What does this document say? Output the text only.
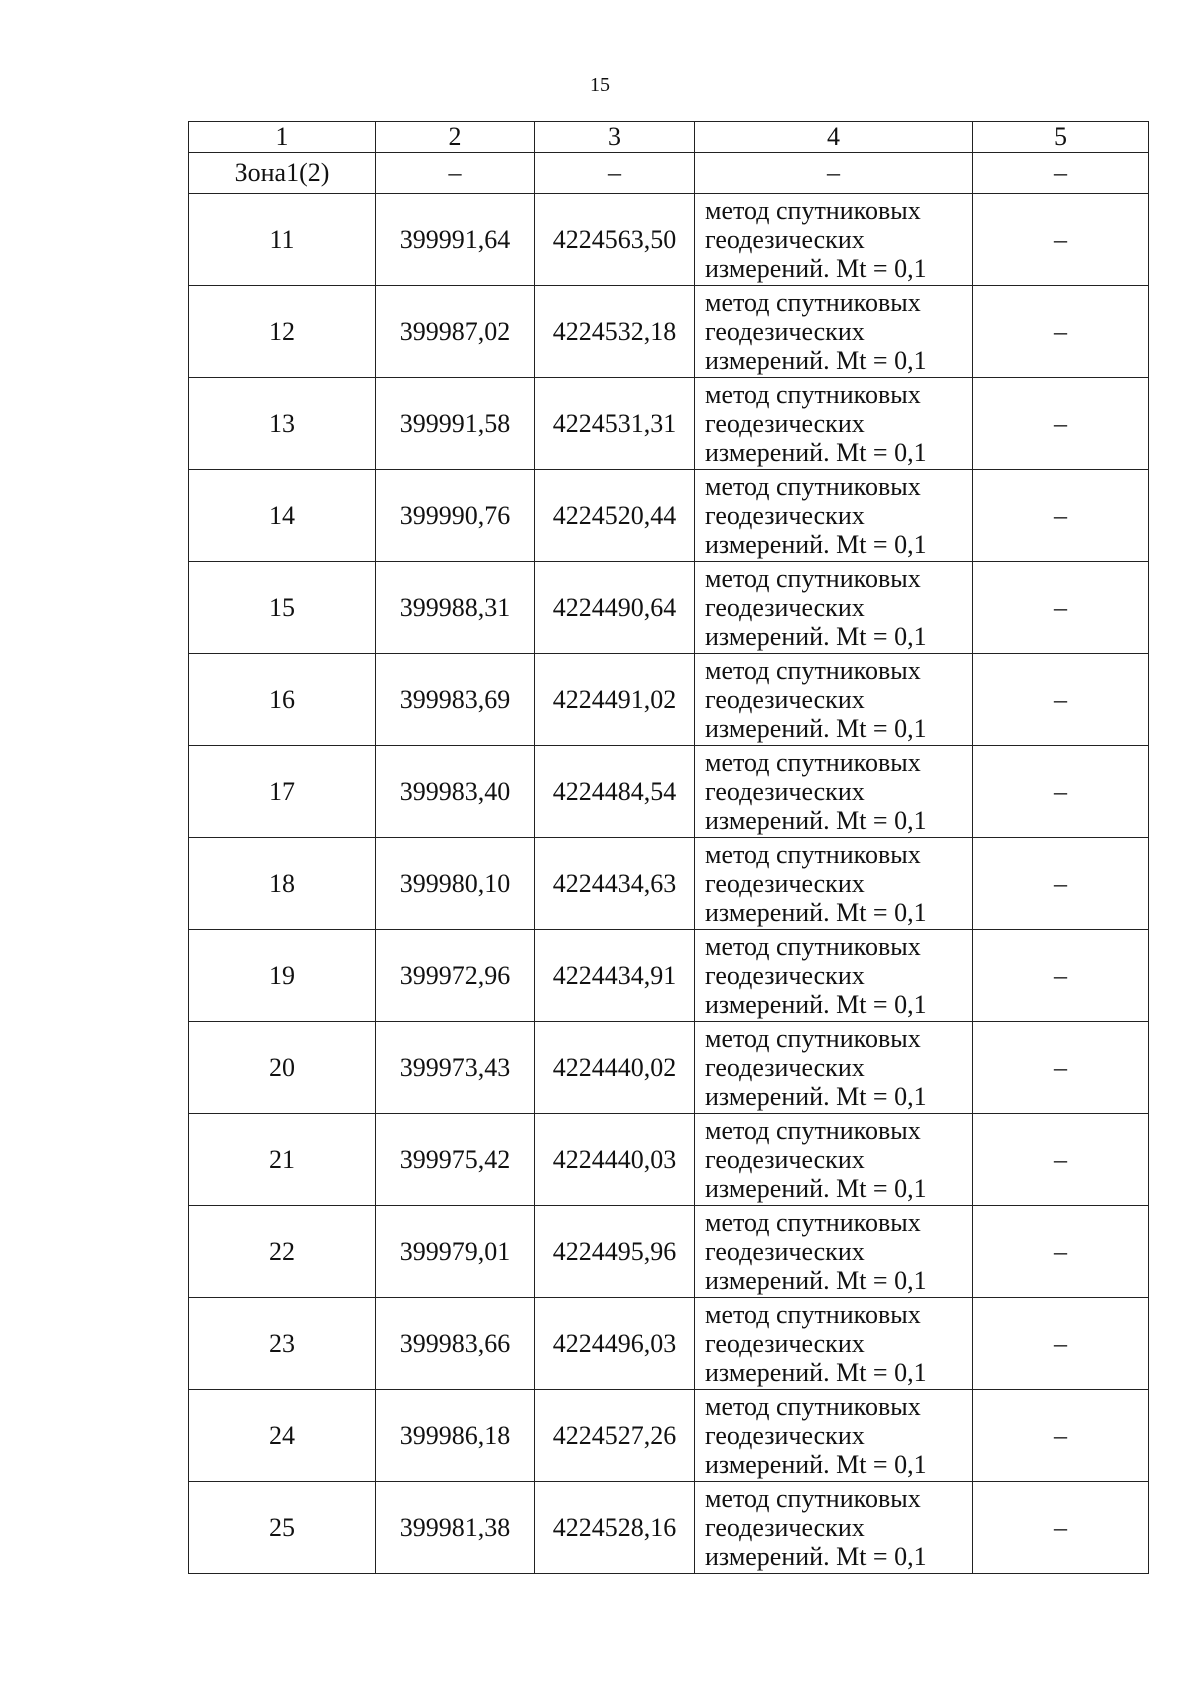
15
1	2	3	4	5
Зона1(2)	–	–	–	–
11	399991,64	4224563,50	метод спутниковых
геодезических
измерений. Mt = 0,1	–
12	399987,02	4224532,18	метод спутниковых
геодезических
измерений. Mt = 0,1	–
13	399991,58	4224531,31	метод спутниковых
геодезических
измерений. Mt = 0,1	–
14	399990,76	4224520,44	метод спутниковых
геодезических
измерений. Mt = 0,1	–
15	399988,31	4224490,64	метод спутниковых
геодезических
измерений. Mt = 0,1	–
16	399983,69	4224491,02	метод спутниковых
геодезических
измерений. Mt = 0,1	–
17	399983,40	4224484,54	метод спутниковых
геодезических
измерений. Mt = 0,1	–
18	399980,10	4224434,63	метод спутниковых
геодезических
измерений. Mt = 0,1	–
19	399972,96	4224434,91	метод спутниковых
геодезических
измерений. Mt = 0,1	–
20	399973,43	4224440,02	метод спутниковых
геодезических
измерений. Mt = 0,1	–
21	399975,42	4224440,03	метод спутниковых
геодезических
измерений. Mt = 0,1	–
22	399979,01	4224495,96	метод спутниковых
геодезических
измерений. Mt = 0,1	–
23	399983,66	4224496,03	метод спутниковых
геодезических
измерений. Mt = 0,1	–
24	399986,18	4224527,26	метод спутниковых
геодезических
измерений. Mt = 0,1	–
25	399981,38	4224528,16	метод спутниковых
геодезических
измерений. Mt = 0,1	–
